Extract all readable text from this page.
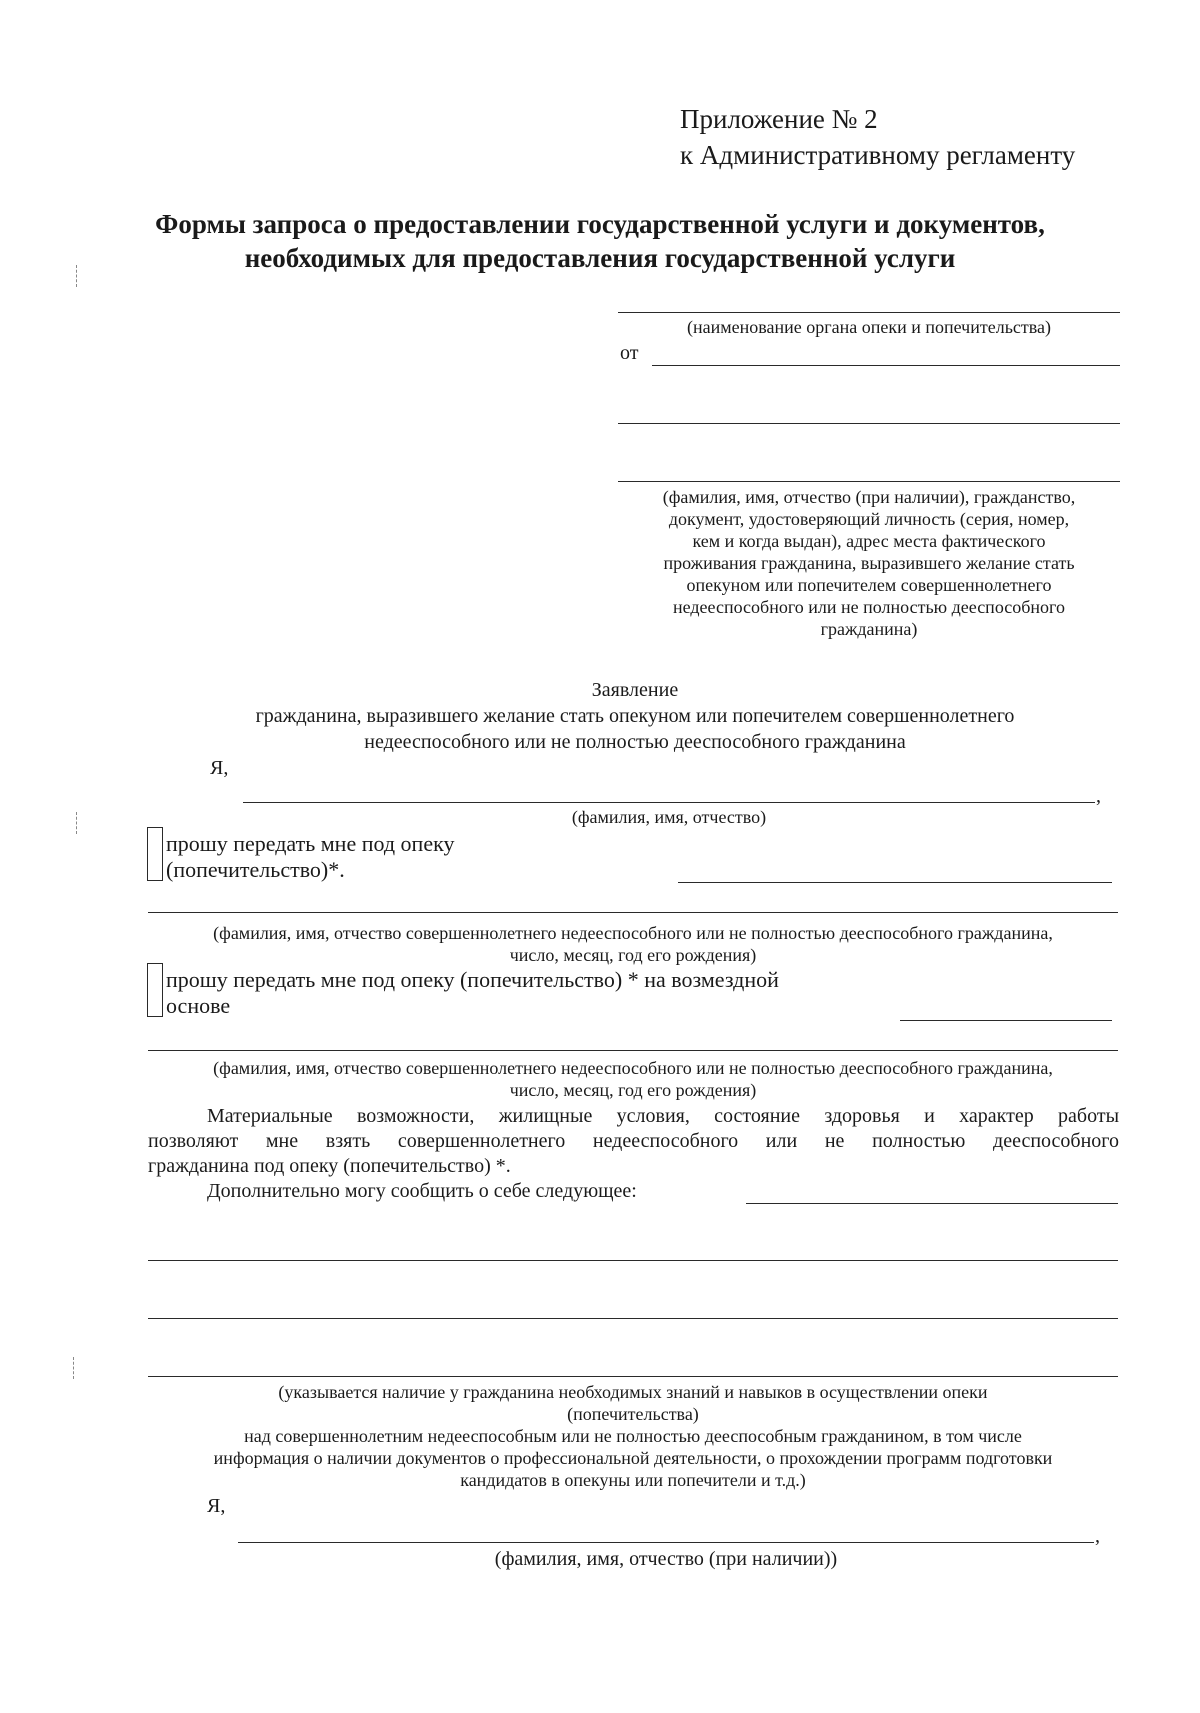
Приложение № 2
к Административному регламенту
Формы запроса о предоставлении государственной услуги и документов,
необходимых для предоставления государственной услуги
(наименование органа опеки и попечительства)
от
(фамилия, имя, отчество (при наличии), гражданство,
документ, удостоверяющий личность (серия, номер,
кем и когда выдан), адрес места фактического
проживания гражданина, выразившего желание стать
опекуном или попечителем совершеннолетнего
недееспособного или не полностью дееспособного
гражданина)
Заявление
гражданина, выразившего желание стать опекуном или попечителем совершеннолетнего
недееспособного или не полностью дееспособного гражданина
Я,
,
(фамилия, имя, отчество)
прошу передать мне под опеку
(попечительство)*.
(фамилия, имя, отчество совершеннолетнего недееспособного или не полностью дееспособного гражданина,
число, месяц, год его рождения)
прошу передать мне под опеку (попечительство) * на возмездной
основе
(фамилия, имя, отчество совершеннолетнего недееспособного или не полностью дееспособного гражданина,
число, месяц, год его рождения)
Материальные возможности, жилищные условия, состояние здоровья и характер работы
позволяют мне взять совершеннолетнего недееспособного или не полностью дееспособного
гражданина под опеку (попечительство) *.
Дополнительно могу сообщить о себе следующее:
(указывается наличие у гражданина необходимых знаний и навыков в осуществлении опеки
(попечительства)
над совершеннолетним недееспособным или не полностью дееспособным гражданином, в том числе
информация о наличии документов о профессиональной деятельности, о прохождении программ подготовки
кандидатов в опекуны или попечители и т.д.)
Я,
,
(фамилия, имя, отчество (при наличии))
